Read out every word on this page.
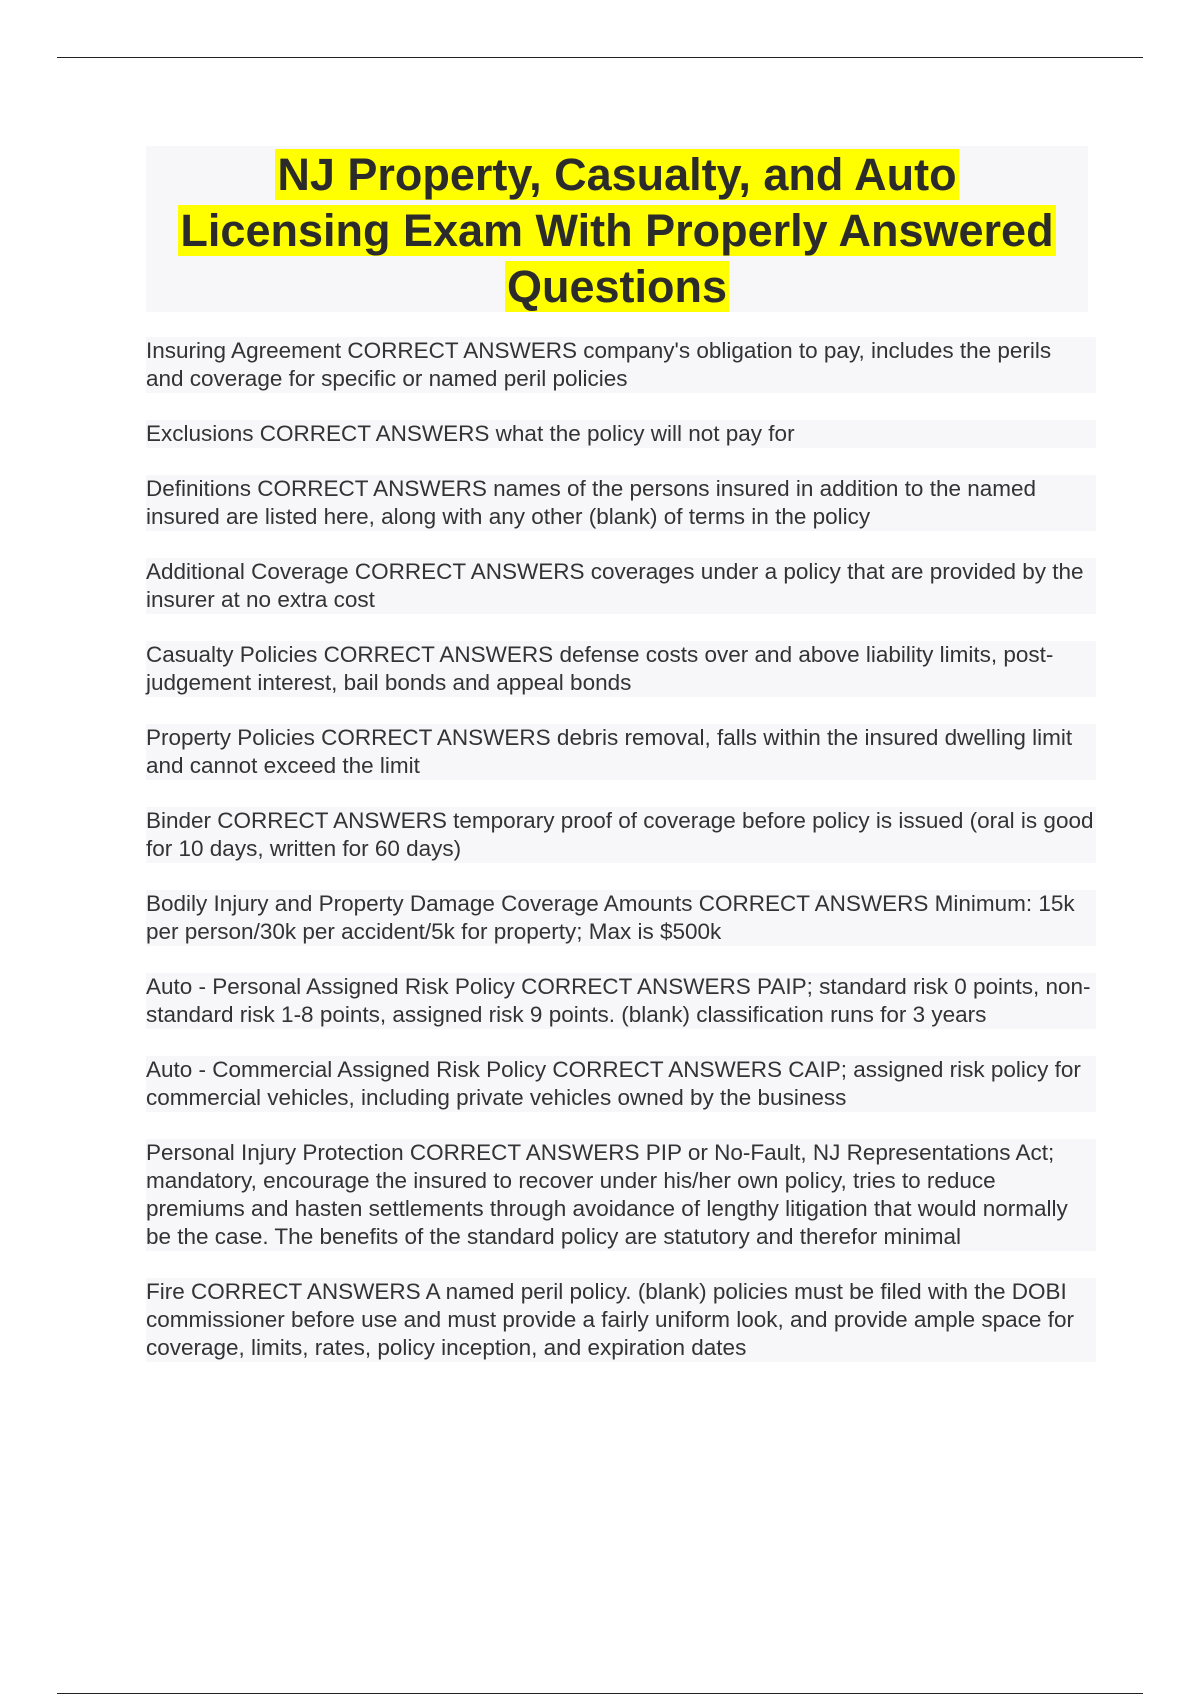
NJ Property, Casualty, and Auto
Licensing Exam With Properly Answered
Questions

Insuring Agreement CORRECT ANSWERS company's obligation to pay, includes the perils and coverage for specific or named peril policies

Exclusions CORRECT ANSWERS what the policy will not pay for

Definitions CORRECT ANSWERS names of the persons insured in addition to the named insured are listed here, along with any other (blank) of terms in the policy

Additional Coverage CORRECT ANSWERS coverages under a policy that are provided by the insurer at no extra cost

Casualty Policies CORRECT ANSWERS defense costs over and above liability limits, post-judgement interest, bail bonds and appeal bonds

Property Policies CORRECT ANSWERS debris removal, falls within the insured dwelling limit and cannot exceed the limit

Binder CORRECT ANSWERS temporary proof of coverage before policy is issued (oral is good for 10 days, written for 60 days)

Bodily Injury and Property Damage Coverage Amounts CORRECT ANSWERS Minimum: 15k per person/30k per accident/5k for property; Max is $500k

Auto - Personal Assigned Risk Policy CORRECT ANSWERS PAIP; standard risk 0 points, non-standard risk 1-8 points, assigned risk 9 points. (blank) classification runs for 3 years

Auto - Commercial Assigned Risk Policy CORRECT ANSWERS CAIP; assigned risk policy for commercial vehicles, including private vehicles owned by the business

Personal Injury Protection CORRECT ANSWERS PIP or No-Fault, NJ Representations Act; mandatory, encourage the insured to recover under his/her own policy, tries to reduce premiums and hasten settlements through avoidance of lengthy litigation that would normally be the case. The benefits of the standard policy are statutory and therefor minimal

Fire CORRECT ANSWERS A named peril policy. (blank) policies must be filed with the DOBI commissioner before use and must provide a fairly uniform look, and provide ample space for coverage, limits, rates, policy inception, and expiration dates
